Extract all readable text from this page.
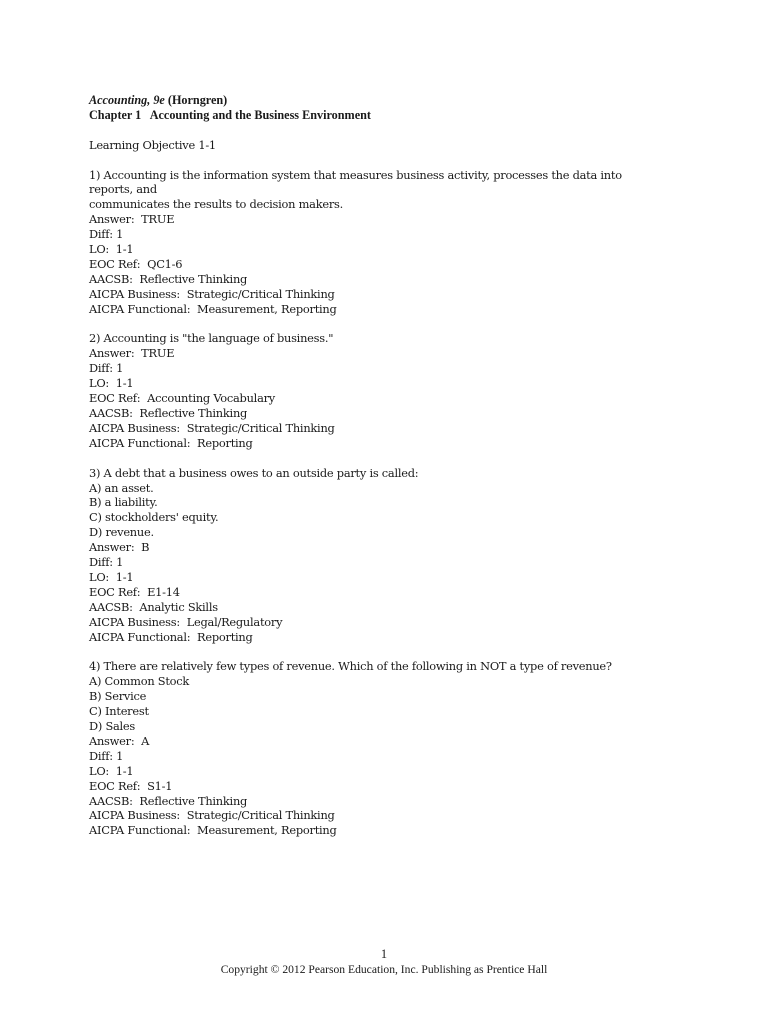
Accounting, 9e (Horngren)
Chapter 1   Accounting and the Business Environment
Learning Objective 1-1
1) Accounting is the information system that measures business activity, processes the data into reports, and
communicates the results to decision makers.
Answer:  TRUE
Diff: 1
LO:  1-1
EOC Ref:  QC1-6
AACSB:  Reflective Thinking
AICPA Business:  Strategic/Critical Thinking
AICPA Functional:  Measurement, Reporting
2) Accounting is "the language of business."
Answer:  TRUE
Diff: 1
LO:  1-1
EOC Ref:  Accounting Vocabulary
AACSB:  Reflective Thinking
AICPA Business:  Strategic/Critical Thinking
AICPA Functional:  Reporting
3) A debt that a business owes to an outside party is called:
A) an asset.
B) a liability.
C) stockholders' equity.
D) revenue.
Answer:  B
Diff: 1
LO:  1-1
EOC Ref:  E1-14
AACSB:  Analytic Skills
AICPA Business:  Legal/Regulatory
AICPA Functional:  Reporting
4) There are relatively few types of revenue. Which of the following in NOT a type of revenue?
A) Common Stock
B) Service
C) Interest
D) Sales
Answer:  A
Diff: 1
LO:  1-1
EOC Ref:  S1-1
AACSB:  Reflective Thinking
AICPA Business:  Strategic/Critical Thinking
AICPA Functional:  Measurement, Reporting
1
Copyright © 2012 Pearson Education, Inc. Publishing as Prentice Hall
